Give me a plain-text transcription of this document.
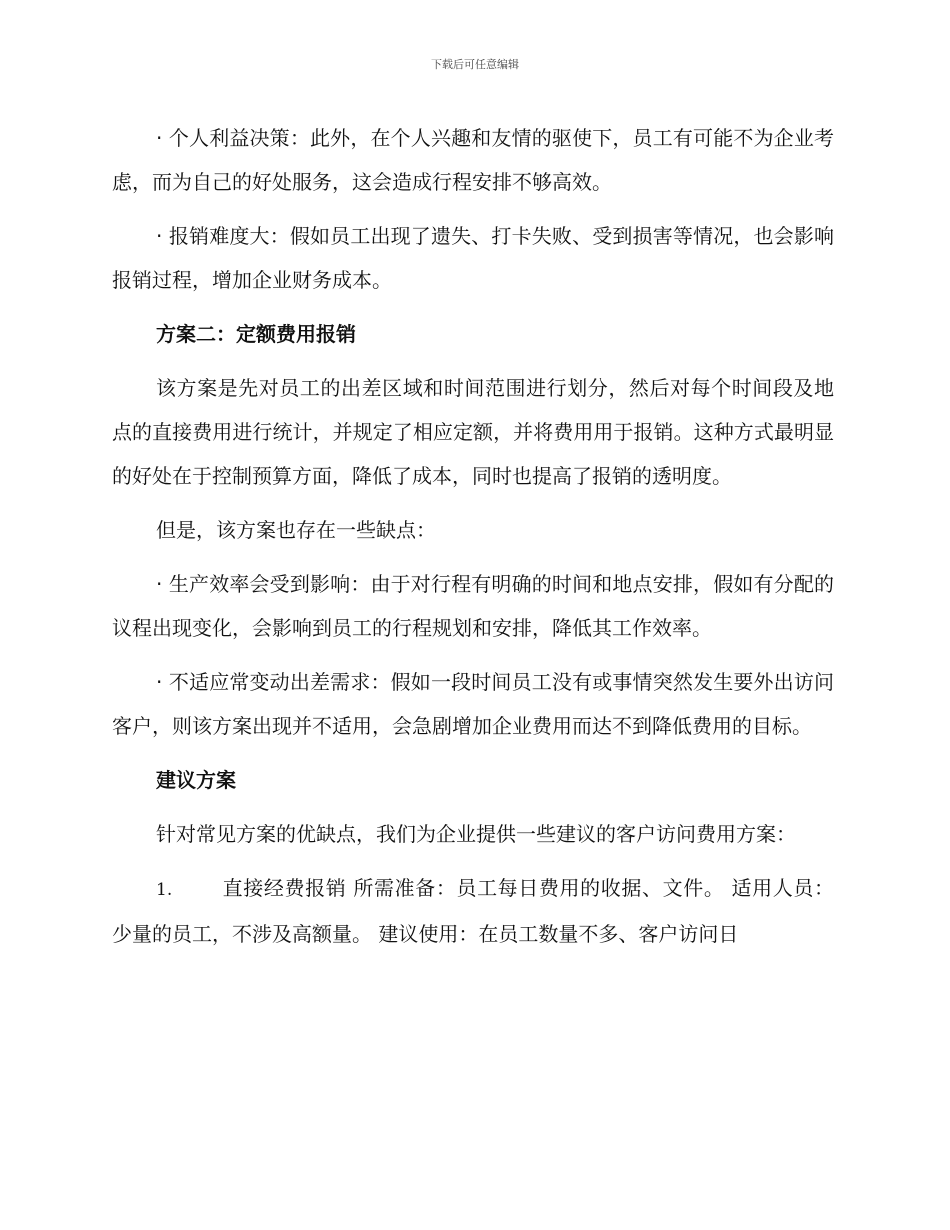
下载后可任意编辑

· 个人利益决策：此外，在个人兴趣和友情的驱使下，员工有可能不为企业考虑，而为自己的好处服务，这会造成行程安排不够高效。

· 报销难度大：假如员工出现了遗失、打卡失败、受到损害等情况，也会影响报销过程，增加企业财务成本。

方案二：定额费用报销

该方案是先对员工的出差区域和时间范围进行划分，然后对每个时间段及地点的直接费用进行统计，并规定了相应定额，并将费用用于报销。这种方式最明显的好处在于控制预算方面，降低了成本，同时也提高了报销的透明度。

但是，该方案也存在一些缺点：

· 生产效率会受到影响：由于对行程有明确的时间和地点安排，假如有分配的议程出现变化，会影响到员工的行程规划和安排，降低其工作效率。

· 不适应常变动出差需求：假如一段时间员工没有或事情突然发生要外出访问客户，则该方案出现并不适用，会急剧增加企业费用而达不到降低费用的目标。

建议方案

针对常见方案的优缺点，我们为企业提供一些建议的客户访问费用方案：

1. 直接经费报销 所需准备：员工每日费用的收据、文件。 适用人员：少量的员工，不涉及高额量。 建议使用：在员工数量不多、客户访问日
